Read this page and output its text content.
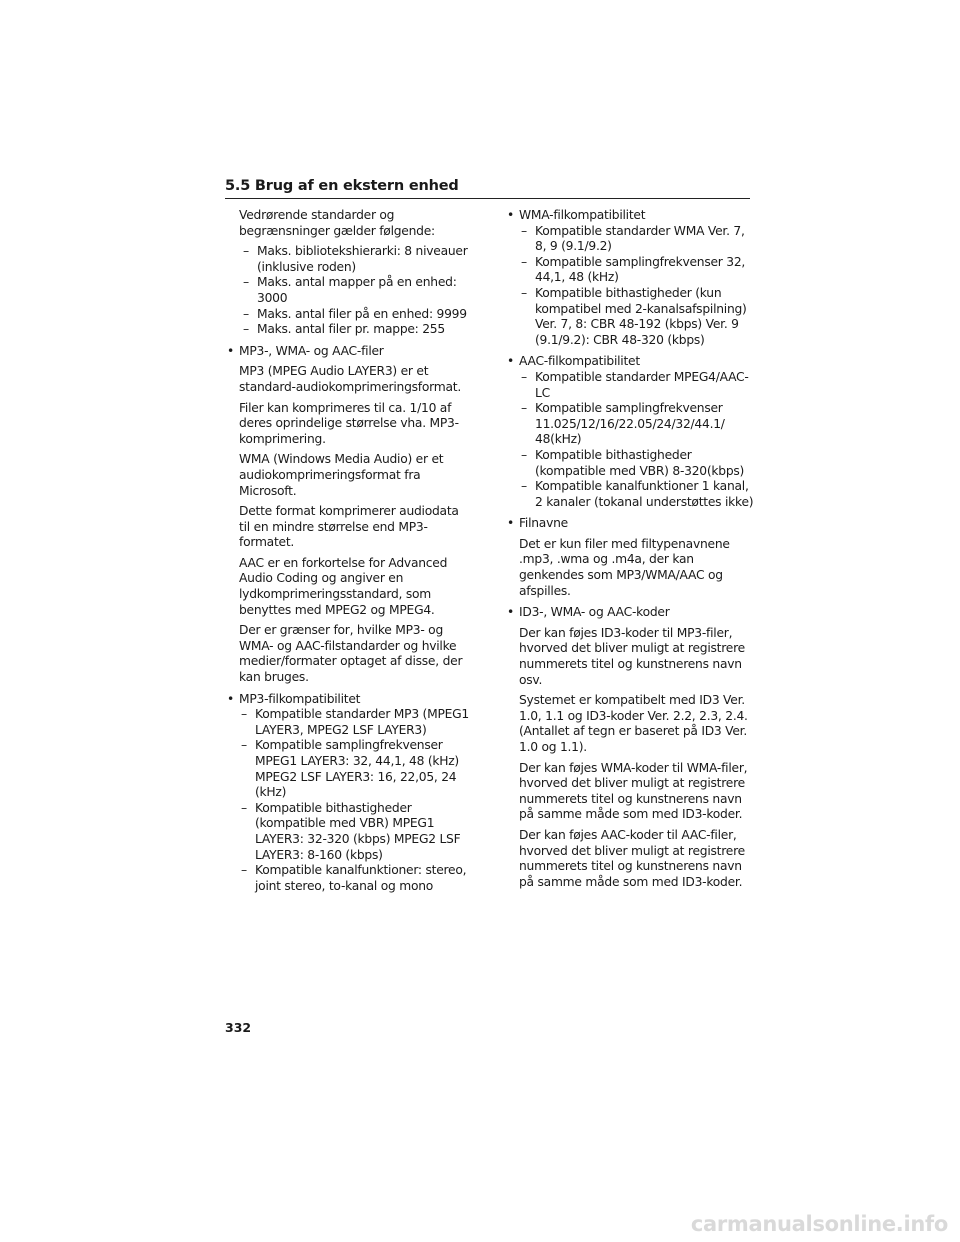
5.5 Brug af en ekstern enhed
Vedrørende standarder og begrænsninger gælder følgende:
– Maks. bibliotekshierarki: 8 niveauer (inklusive roden)
– Maks. antal mapper på en enhed: 3000
– Maks. antal filer på en enhed: 9999
– Maks. antal filer pr. mappe: 255
• MP3-, WMA- og AAC-filer
MP3 (MPEG Audio LAYER3) er et standard-audiokomprimeringsformat.
Filer kan komprimeres til ca. 1/10 af deres oprindelige størrelse vha. MP3-komprimering.
WMA (Windows Media Audio) er et audiokomprimeringsformat fra Microsoft.
Dette format komprimerer audiodata til en mindre størrelse end MP3-formatet.
AAC er en forkortelse for Advanced Audio Coding og angiver en lydkomprimeringsstandard, som benyttes med MPEG2 og MPEG4.
Der er grænser for, hvilke MP3- og WMA- og AAC-filstandarder og hvilke medier/formater optaget af disse, der kan bruges.
• MP3-filkompatibilitet
– Kompatible standarder MP3 (MPEG1 LAYER3, MPEG2 LSF LAYER3)
– Kompatible samplingfrekvenser MPEG1 LAYER3: 32, 44,1, 48 (kHz) MPEG2 LSF LAYER3: 16, 22,05, 24 (kHz)
– Kompatible bithastigheder (kompatible med VBR) MPEG1 LAYER3: 32-320 (kbps) MPEG2 LSF LAYER3: 8-160 (kbps)
– Kompatible kanalfunktioner: stereo, joint stereo, to-kanal og mono
• WMA-filkompatibilitet
– Kompatible standarder WMA Ver. 7, 8, 9 (9.1/9.2)
– Kompatible samplingfrekvenser 32, 44,1, 48 (kHz)
– Kompatible bithastigheder (kun kompatibel med 2-kanalsafspilning) Ver. 7, 8: CBR 48-192 (kbps) Ver. 9 (9.1/9.2): CBR 48-320 (kbps)
• AAC-filkompatibilitet
– Kompatible standarder MPEG4/AAC-LC
– Kompatible samplingfrekvenser 11.025/12/16/22.05/24/32/44.1/ 48(kHz)
– Kompatible bithastigheder (kompatible med VBR) 8-320(kbps)
– Kompatible kanalfunktioner 1 kanal, 2 kanaler (tokanal understøttes ikke)
• Filnavne
Det er kun filer med filtypenavnene .mp3, .wma og .m4a, der kan genkendes som MP3/WMA/AAC og afspilles.
• ID3-, WMA- og AAC-koder
Der kan føjes ID3-koder til MP3-filer, hvorved det bliver muligt at registrere nummerets titel og kunstnerens navn osv.
Systemet er kompatibelt med ID3 Ver. 1.0, 1.1 og ID3-koder Ver. 2.2, 2.3, 2.4. (Antallet af tegn er baseret på ID3 Ver. 1.0 og 1.1).
Der kan føjes WMA-koder til WMA-filer, hvorved det bliver muligt at registrere nummerets titel og kunstnerens navn på samme måde som med ID3-koder.
Der kan føjes AAC-koder til AAC-filer, hvorved det bliver muligt at registrere nummerets titel og kunstnerens navn på samme måde som med ID3-koder.
332
carmanualsonline.info
